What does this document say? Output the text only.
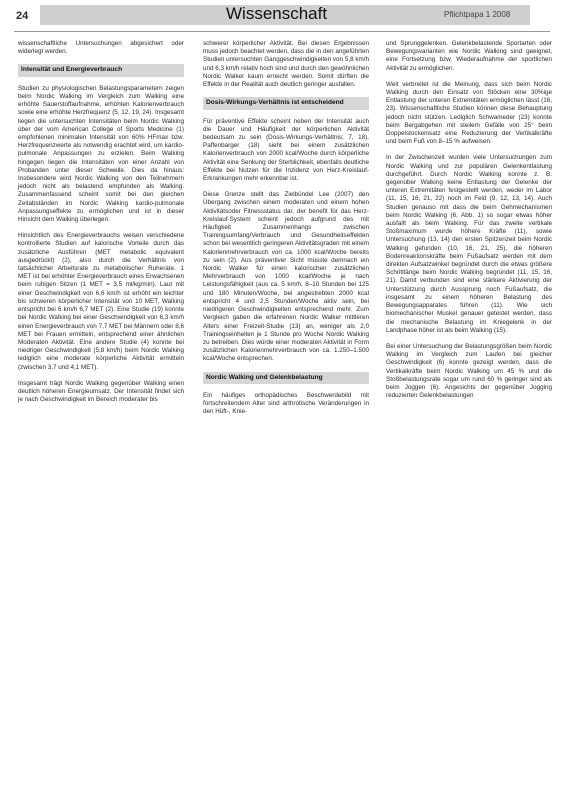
24	Wissenschaft	Pflichtpapa 1 2008

wissenschaftliche Untersuchungen abgesichert oder widerlegt werden.

Intensität und Energieverbrauch

Studien zu physiologischen Belastungsparametern zeigen beim Nordic Walking im Vergleich zum Walking eine erhöhte Sauerstoffaufnahme, erhöhten Kalorienverbrauch sowie eine erhöhte Herzfrequenz (5, 12, 19, 24). Insgesamt liegen die untersuchten Intensitäten beim Nordic Walking über der vom American College of Sports Medicine (1) empfohlenen minimalen Intensität von 60% HFmax bzw. Herzfrequenzwerte als notwendig erachtet wird, um kardio-pulmonale Anpassungen zu erzielen. Beim Walking hingegen liegen die Intensitäten von einer Anzahl von Probanden unter dieser Schwelle. Dies da hinaus: Insbesondere wird Nordic Walking von den Teilnehmern jedoch nicht als belastend empfunden als Walking. Zusammenfassend scheint somit bei den gleichen Zeitabständen im Nordic Walking kardio-pulmonale Anpassungseffekte zu ermöglichen und ist in dieser Hinsicht dem Walking überlegen.

Hinsichtlich des Energieverbrauchs weisen verschiedene kontrollierte Studien auf kalorische Vorteile durch das zusätzliche Ausführen (MET metabolic equivalent ausgedrückt) (2), also durch die Verhältnis von tatsächlicher Arbeitsrate zu metabolischer Ruherate. 1 MET ist bei erhöhter Energieverbrauch eines Erwachsenen beim ruhigen Sitzen (1 MET = 3,5 ml/kg/min). Laut mit einer Geschwindigkeit von 6,6 km/h ist erhöht ein leichter bis schweren körperlicher Intensität von 10 MET. Walking entspricht bei 6 km/h 6,7 MET (2). Eine Studie (19) konnte bei Nordic Walking bei einer Geschwindigkeit von 6,3 km/h einen Energieverbrauch von 7,7 MET bei Männern oder 8,6 MET bei Frauen ermitteln, entsprechend einer ähnlichen Moderaten Aktivität. Eine andere Studie (4) konnte bei niedriger Geschwindigkeit (5,8 km/h) beim Nordic Walking lediglich eine moderate körperliche Aktivität ermitteln (zwischen 3,7 und 4,1 MET).

Insgesamt trägt Nordic Walking gegenüber Walking einen deutlich höheren Energieumsatz. Der Intensität findet sich je nach Geschwindigkeit im Bereich moderater bis

schwerer körperlicher Aktivität. Bei diesen Ergebnissen muss jedoch beachtet werden, dass die in den angeführten Studien untersuchten Ganggeschwindigkeiten von 5,8 km/h und 6,3 km/h relativ hoch sind und durch den gewöhnlichen Nordic Walker kaum erreicht werden. Somit dürften die Effekte in der Realität auch deutlich geringer ausfallen.

Dosis-Wirkungs-Verhältnis ist entscheidend

Für präventive Effekte scheint neben der Intensität auch die Dauer und Häufigkeit der körperlichen Aktivität bedeutsam zu sein (Dosis-Wirkungs-Verhältnis; 7, 18). Paffenbarger (18) sieht bei einem zusätzlichen Kalorienverbrauch von 2000 kcal/Woche durch körperliche Aktivität eine Senkung der Sterblichkeit, ebenfalls deutliche Effekte bei Nutzen für die Inzidenz von Herz-Kreislauf-Erkrankungen mehr erkennbar ist.

Diese Grenze stellt das Zielbündel Lee (2007) den Übergang zwischen einem moderaten und einem hohen Aktivitätsoder Fitnessstatus dar, der benefit für das Herz-Kreislauf-System scheint jedoch aufgrund des mit Häufigkeit Zusammenhangs zwischen Trainingsumfang/Verbrauch und Gesundheitseffekten schon bei wesentlich geringeren Aktivitätsgraden mit einem Kalorienmehrverbrauch von ca. 1000 kcal/Woche bereits zu sein (2). Aus präventiver Sicht müsste demnach ein Nordic Walker für einen kalorischen zusätzlichen Mehrverbrauch von 1000 kcal/Woche je nach Leistungsfähigkeit (aus ca. 5 km/h, 8–10 Stunden bei 125 und 180 Minuten/Woche, bei angestrebten 2000 kcal entspricht 4 und 2,5 Stunden/Woche aktiv sein, bei niedrigeren Geschwindigkeiten entsprechend mehr. Zum Vergleich gaben die erfahrenen Nordic Walker mittleren Alters einer Freizeit-Studie (13) an, weniger als 2,0 Trainingseinheiten je 1 Stunde pro Woche Nordic Walking zu betreiben. Dies würde einer moderaten Aktivität in Form zusätzlichen Kalorienmehrverbrauch von ca. 1.250–1.500 kcal/Woche entsprechen.

Nordic Walking und Gelenkbelastung

Ein häufiges orthopädisches Beschwerdebild mit fortschreitendem Alter sind arthrotische Veränderungen in den Hüft-, Knie-

und Sprunggelenken. Gelenkbelastende Sportarten oder Bewegungsvarianten wie Nordic Walking sind geeignet, eine Fortsetzung bzw. Wiederaufnahme der sportlichen Aktivität zu ermöglichen.

Weit verbreitet ist die Meinung, dass sich beim Nordic Walking durch den Einsatz von Stöcken eine 30%ige Entlastung der unteren Extremitäten ermöglichen lässt (16, 23). Wissenschaftliche Studien können diese Behauptung jedoch nicht stützen. Lediglich Schwameder (23) konnte beim Bergabgehen mit steilem Gefälle von 25° beim Doppelstockeinsatz eine Reduzierung der Vertikalkräfte und beim Fuß von 8–15 % aufweisen.

In der Zwischenzeit wurden viele Untersuchungen zum Nordic Walking und zur populären Gelenkentlastung durchgeführt. Durch Nordic Walking konnte z. B. gegenüber Walking keine Entlastung der Gelenke der unteren Extremitäten festgestellt werden, weder im Labor (11, 15, 16, 21, 22) noch im Feld (9, 12, 13, 14). Auch Studien genauso mit dass die beim Gehmechanismen beim Nordic Walking (6, Abb. 1) so sogar etwas höher ausfallt als beim Walking. Für das zweite vertikale Stoßmaximum wurde höhere Kräfte (11), sowie Untersuchung (13, 14) den ersten Spitzenzeit beim Nordic Walking gefunden (10, 16, 21, 25), die höheren Bodenreaktionskräfte beim Fußaufsatz werden mit dem direkten Aufsatzwinkel begründet durch die etwas größere Schrittlänge beim Nordic Walking begründet (11, 15, 16, 21). Damit verbunden sind eine stärkere Aktivierung der Unterstützung durch Aussprung noch Fußaufsatz, die insgesamt zu einem höheren Belastung des Bewegungsapparates führen (11). Wie sich biomechanischer Muskel genauer getestet werden, dass die mechanische Belastung im Kniegelenk in der Landphase höher ist als beim Walking (15).

Bei einer Untersuchung der Belastungsgrößen beim Nordic Walking im Vergleich zum Laufen bei gleicher Geschwindigkeit (6) konnte gezeigt werden, dass die Vertikalkräfte beim Nordic Walking um 45 % und die Stoßbelastungsrate sogar um rund 60 % geringer sind als beim Joggen (6). Angesichts der gegenüber Jogging reduzierten Gelenkbelastungen
